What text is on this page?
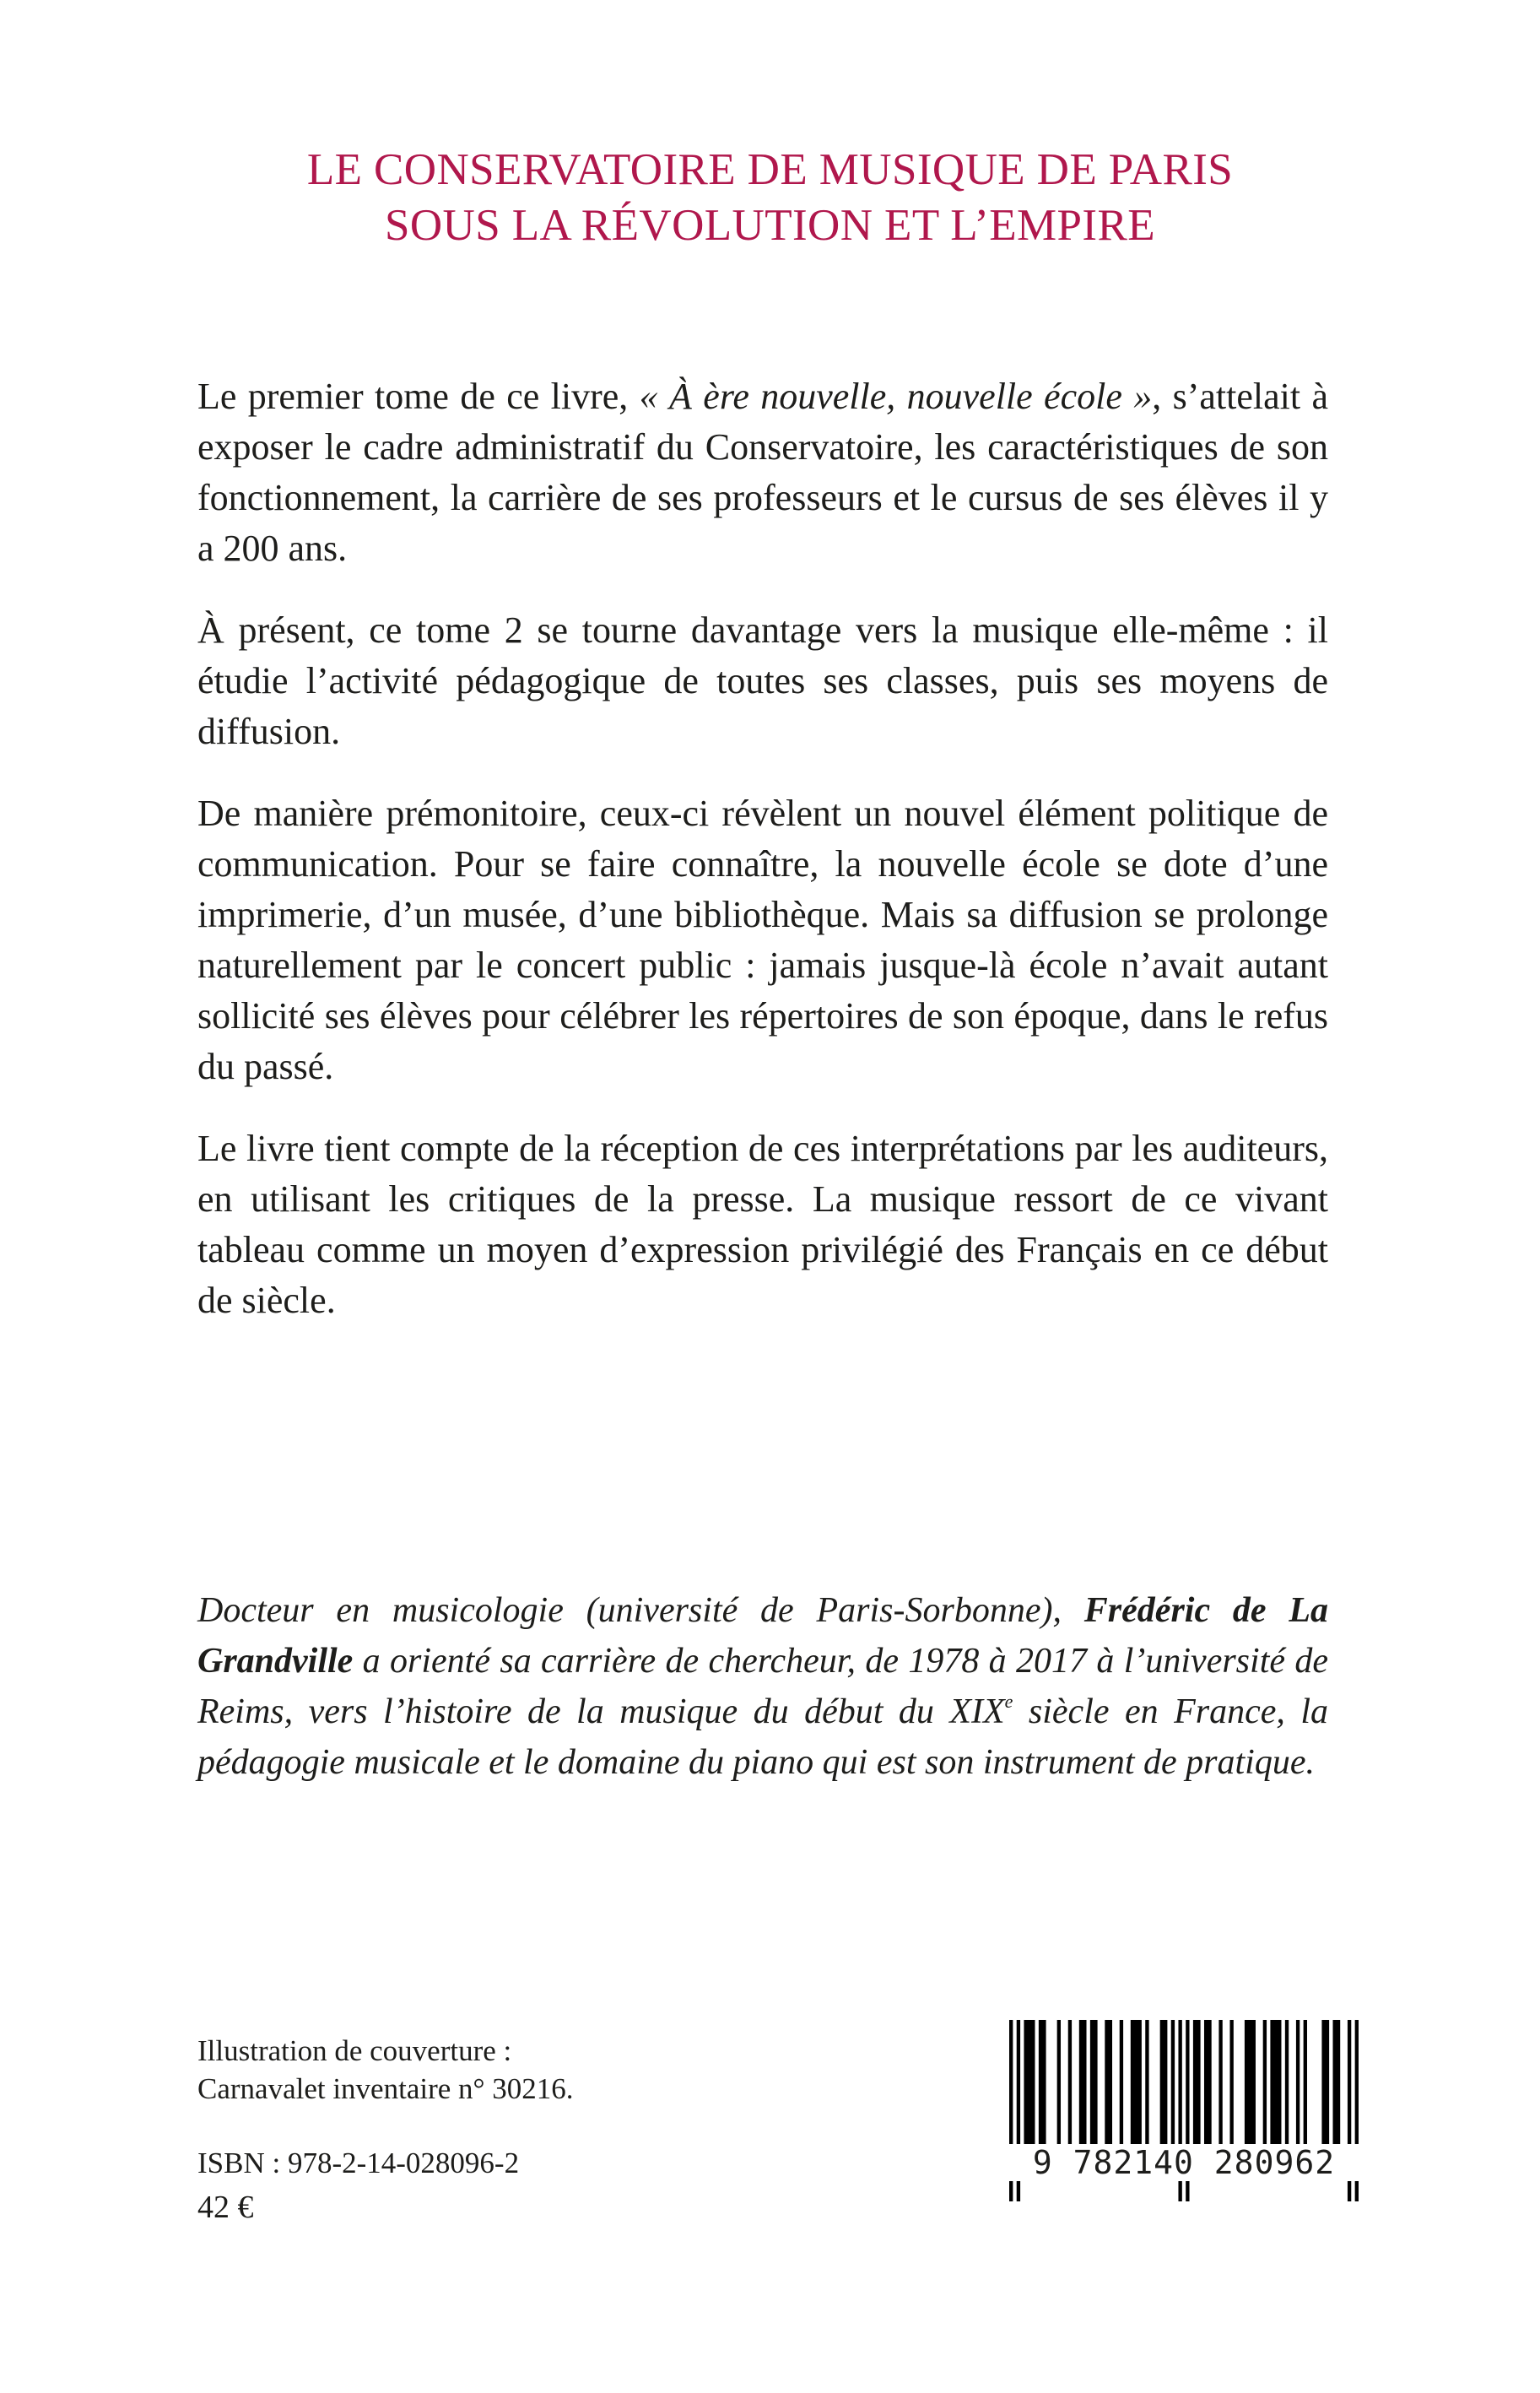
LE CONSERVATOIRE DE MUSIQUE DE PARIS
SOUS LA RÉVOLUTION ET L’EMPIRE

Le premier tome de ce livre, « À ère nouvelle, nouvelle école », s’attelait à exposer le cadre administratif du Conservatoire, les caractéristiques de son fonctionnement, la carrière de ses professeurs et le cursus de ses élèves il y a 200 ans.

À présent, ce tome 2 se tourne davantage vers la musique elle-même : il étudie l’activité pédagogique de toutes ses classes, puis ses moyens de diffusion.

De manière prémonitoire, ceux-ci révèlent un nouvel élément politique de communication. Pour se faire connaître, la nouvelle école se dote d’une imprimerie, d’un musée, d’une bibliothèque. Mais sa diffusion se prolonge naturellement par le concert public : jamais jusque-là école n’avait autant sollicité ses élèves pour célébrer les répertoires de son époque, dans le refus du passé.

Le livre tient compte de la réception de ces interprétations par les auditeurs, en utilisant les critiques de la presse. La musique ressort de ce vivant tableau comme un moyen d’expression privilégié des Français en ce début de siècle.

Docteur en musicologie (université de Paris-Sorbonne), Frédéric de La Grandville a orienté sa carrière de chercheur, de 1978 à 2017 à l’université de Reims, vers l’histoire de la musique du début du XIXe siècle en France, la pédagogie musicale et le domaine du piano qui est son instrument de pratique.
Illustration de couverture :
Carnavalet inventaire n° 30216.
ISBN : 978-2-14-028096-2
42 €
9 782140 280962
